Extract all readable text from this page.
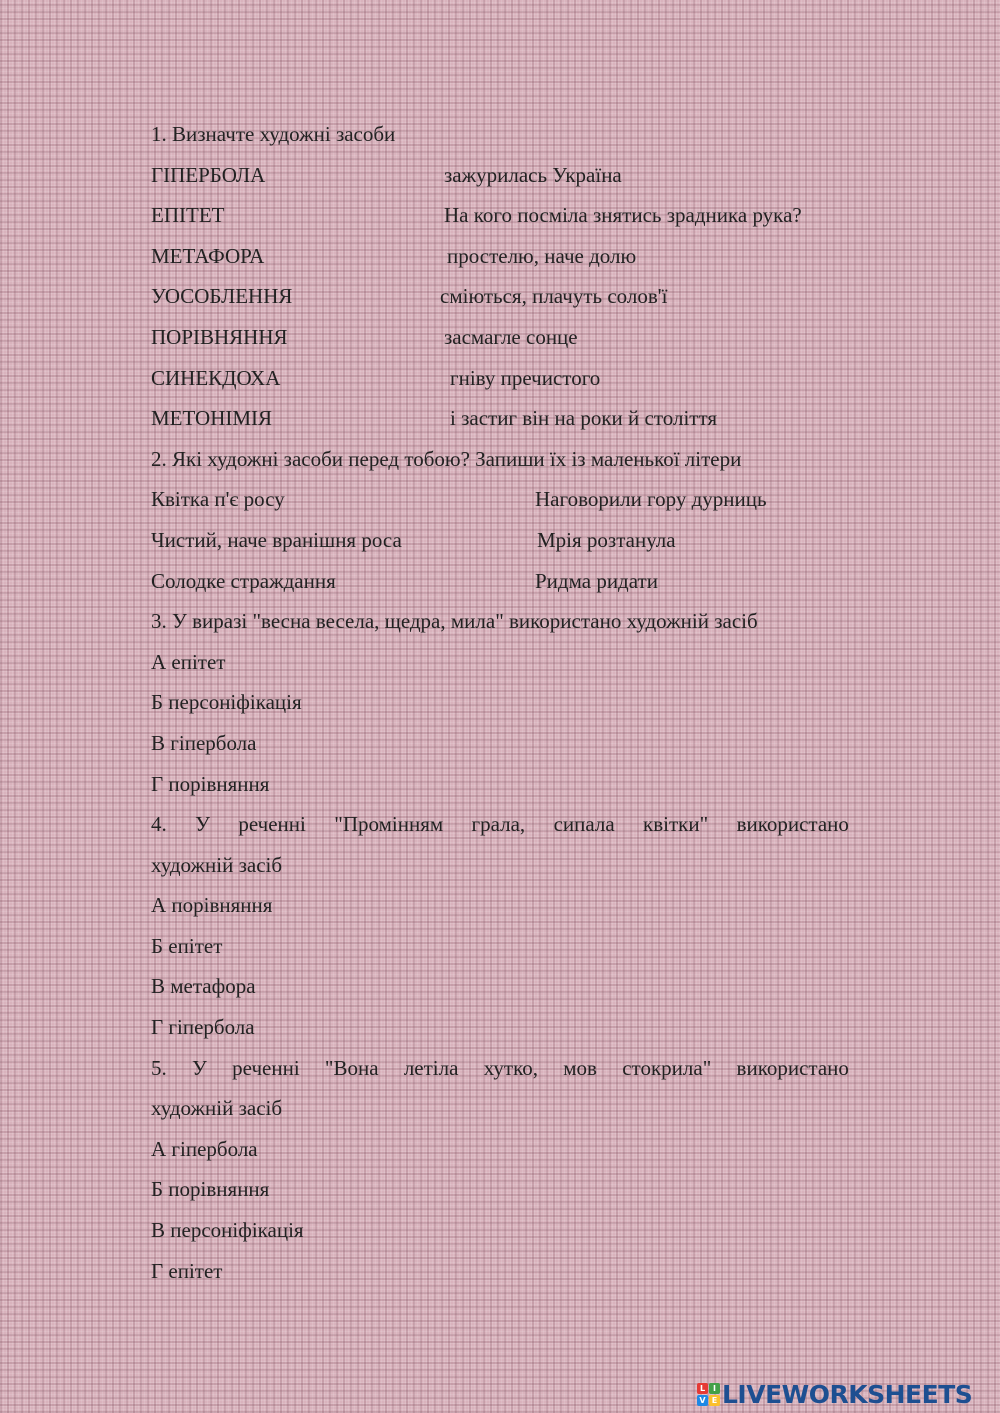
1. Визначте художні засоби
ГІПЕРБОЛА	зажурилась Україна
ЕПІТЕТ	На кого посміла знятись зрадника рука?
МЕТАФОРА	простелю, наче долю
УОСОБЛЕННЯ	сміються, плачуть солов'ї
ПОРІВНЯННЯ	засмагле сонце
СИНЕКДОХА	гніву пречистого
МЕТОНІМІЯ	і застиг він на роки й століття
2. Які художні засоби перед тобою? Запиши їх із маленької літери
Квітка п'є росу	Наговорили гору дурниць
Чистий, наче вранішня роса	Мрія розтанула
Солодке страждання	Ридма ридати
3. У виразі "весна весела, щедра, мила" використано художній засіб
А епітет
Б персоніфікація
В гіпербола
Г порівняння
4. У реченні "Промінням грала, сипала квітки" використано
художній засіб
А порівняння
Б епітет
В метафора
Г гіпербола
5. У реченні "Вона летіла хутко, мов стокрила" використано
художній засіб
А гіпербола
Б порівняння
В персоніфікація
Г епітет
L I
V E LIVEWORKSHEETS
